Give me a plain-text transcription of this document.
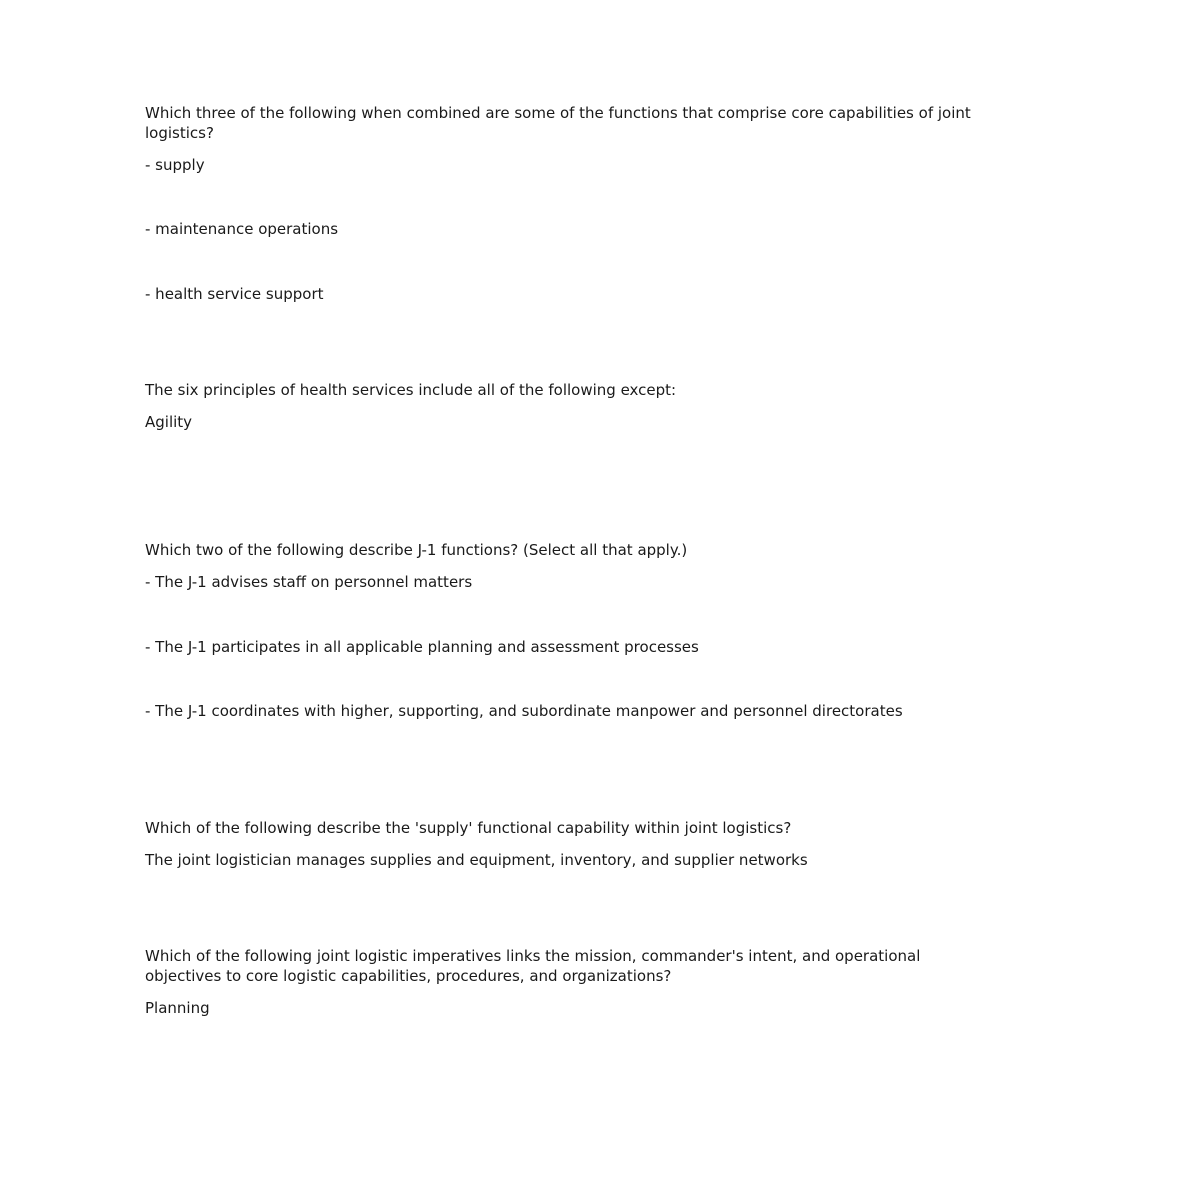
Which three of the following when combined are some of the functions that comprise core capabilities of joint logistics?
- supply
- maintenance operations
- health service support
The six principles of health services include all of the following except:
Agility
Which two of the following describe J-1 functions? (Select all that apply.)
- The J-1 advises staff on personnel matters
- The J-1 participates in all applicable planning and assessment processes
- The J-1 coordinates with higher, supporting, and subordinate manpower and personnel directorates
Which of the following describe the 'supply' functional capability within joint logistics?
The joint logistician manages supplies and equipment, inventory, and supplier networks
Which of the following joint logistic imperatives links the mission, commander's intent, and operational objectives to core logistic capabilities, procedures, and organizations?
Planning
